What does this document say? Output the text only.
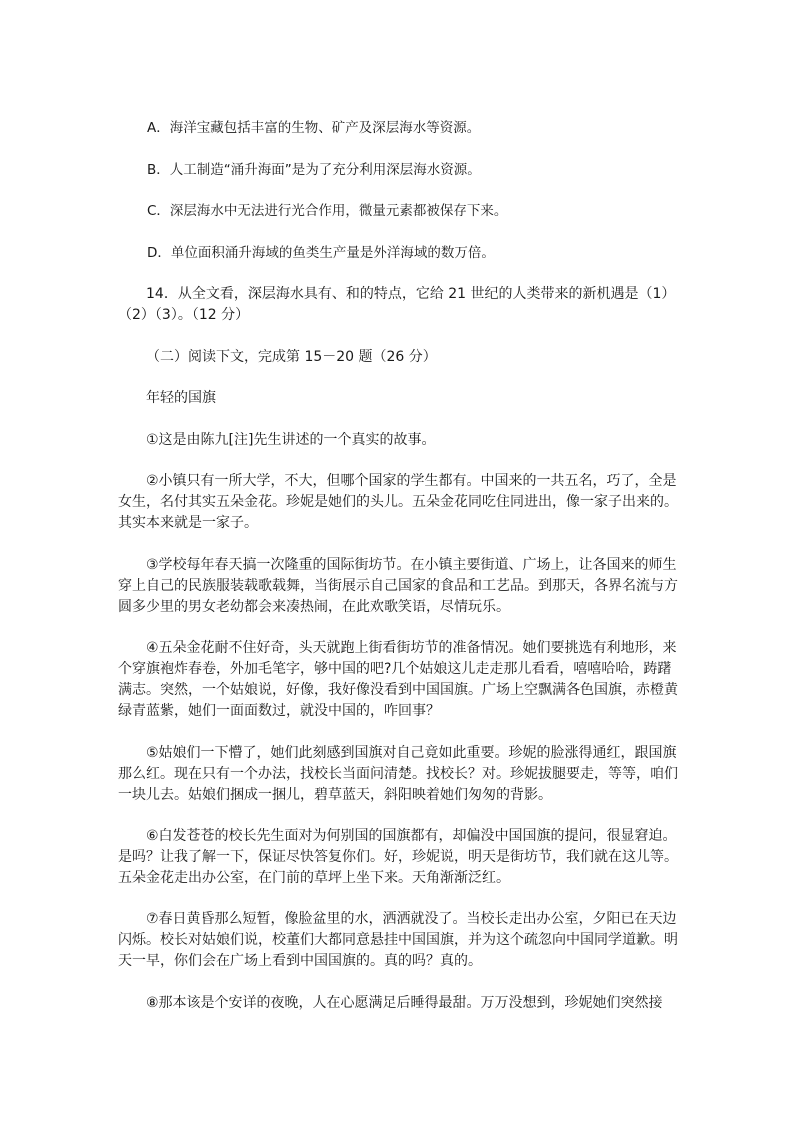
A．海洋宝藏包括丰富的生物、矿产及深层海水等资源。
B．人工制造“涌升海面”是为了充分利用深层海水资源。
C．深层海水中无法进行光合作用，微量元素都被保存下来。
D．单位面积涌升海域的鱼类生产量是外洋海域的数万倍。
14．从全文看，深层海水具有、和的特点，它给 21 世纪的人类带来的新机遇是（1）（2）（3）。（12 分）
（二）阅读下文，完成第 15－20 题（26 分）
年轻的国旗
①这是由陈九[注]先生讲述的一个真实的故事。
②小镇只有一所大学，不大，但哪个国家的学生都有。中国来的一共五名，巧了，全是女生，名付其实五朵金花。珍妮是她们的头儿。五朵金花同吃住同进出，像一家子出来的。其实本来就是一家子。
③学校每年春天搞一次隆重的国际街坊节。在小镇主要街道、广场上，让各国来的师生穿上自己的民族服装载歌载舞，当街展示自己国家的食品和工艺品。到那天，各界名流与方圆多少里的男女老幼都会来凑热闹，在此欢歌笑语，尽情玩乐。
④五朵金花耐不住好奇，头天就跑上街看街坊节的准备情况。她们要挑选有利地形，来个穿旗袍炸春卷，外加毛笔字，够中国的吧?几个姑娘这儿走走那儿看看，嘻嘻哈哈，踌躇满志。突然，一个姑娘说，好像，我好像没看到中国国旗。广场上空飘满各色国旗，赤橙黄绿青蓝紫，她们一面面数过，就没中国的，咋回事？
⑤姑娘们一下懵了，她们此刻感到国旗对自己竟如此重要。珍妮的脸涨得通红，跟国旗那么红。现在只有一个办法，找校长当面问清楚。找校长？对。珍妮拔腿要走，等等，咱们一块儿去。姑娘们捆成一捆儿，碧草蓝天，斜阳映着她们匆匆的背影。
⑥白发苍苍的校长先生面对为何别国的国旗都有，却偏没中国国旗的提问，很显窘迫。是吗？让我了解一下，保证尽快答复你们。好，珍妮说，明天是街坊节，我们就在这儿等。五朵金花走出办公室，在门前的草坪上坐下来。天角渐渐泛红。
⑦春日黄昏那么短暂，像脸盆里的水，洒洒就没了。当校长走出办公室，夕阳已在天边闪烁。校长对姑娘们说，校董们大都同意悬挂中国国旗，并为这个疏忽向中国同学道歉。明天一早，你们会在广场上看到中国国旗的。真的吗？真的。
⑧那本该是个安详的夜晚，人在心愿满足后睡得最甜。万万没想到，珍妮她们突然接
